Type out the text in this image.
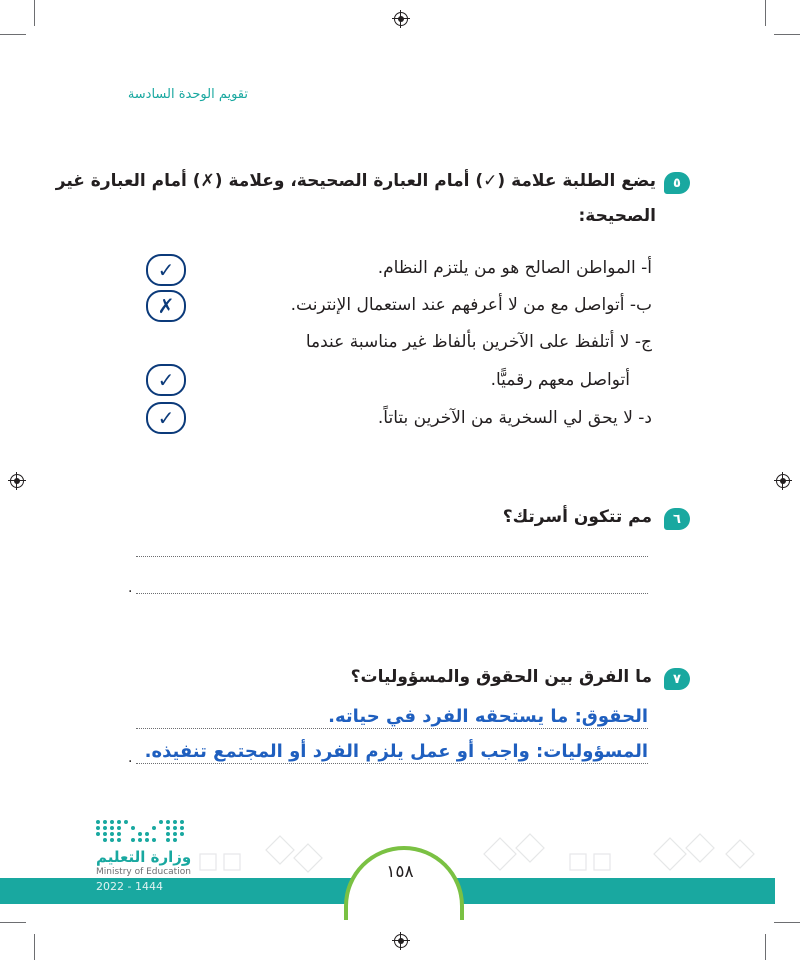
تقويم الوحدة السادسة
٥
يضع الطلبة علامة (✓) أمام العبارة الصحيحة، وعلامة (✗) أمام العبارة غير
الصحيحة:
أ- المواطن الصالح هو من يلتزم النظام.
✓
ب- أتواصل مع من لا أعرفهم عند استعمال الإنترنت.
✗
ج- لا أتلفظ على الآخرين بألفاظ غير مناسبة عندما
أتواصل معهم رقميًّا.
✓
د- لا يحق لي السخرية من الآخرين بتاتاً.
✓
٦
مم تتكون أسرتك؟
.
٧
ما الفرق بين الحقوق والمسؤوليات؟
الحقوق: ما يستحقه الفرد في حياته.
المسؤوليات: واجب أو عمل يلزم الفرد أو المجتمع تنفيذه.
.
وزارة التعليم
Ministry of Education
2022 - 1444
١٥٨
